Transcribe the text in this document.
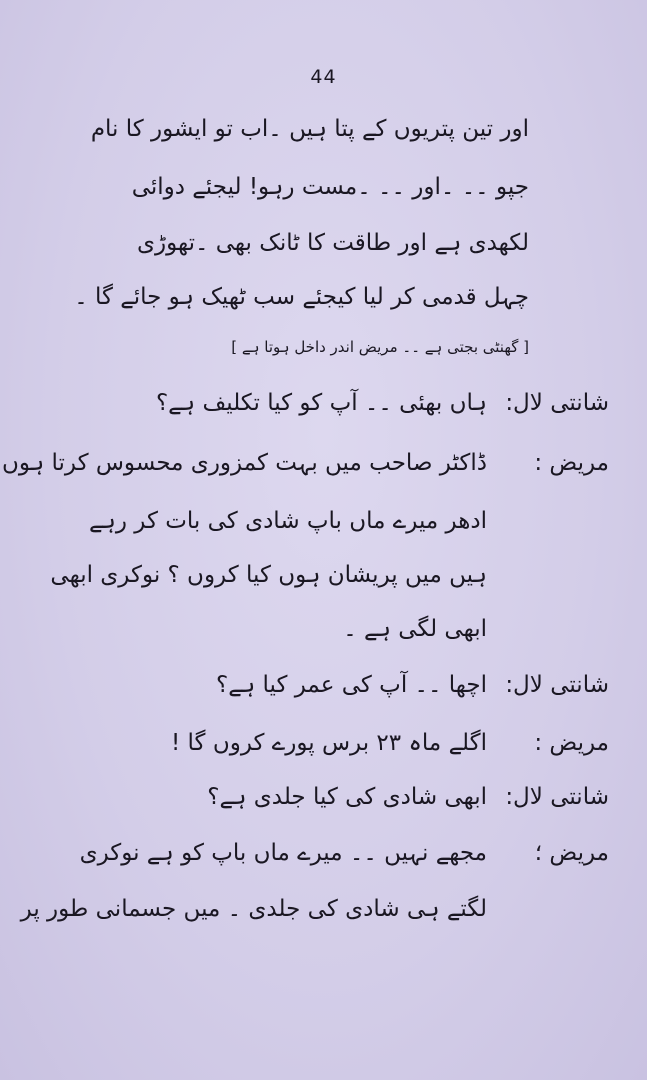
44
اور تین پتریوں کے پتا ہیں ۔اب تو ایشور کا نام
جپو ۔۔ ۔اور ۔۔ ۔مست رہو! لیجئے دوائی
لکھدی ہے اور طاقت کا ٹانک بھی ۔تھوڑی
چہل قدمی کر لیا کیجئے سب ٹھیک ہو جائے گا ۔
[ گھنٹی بجتی ہے ۔۔ مریض اندر داخل ہوتا ہے ]
شانتی لال:
ہاں بھئی ۔۔ آپ کو کیا تکلیف ہے؟
مریض :
ڈاکٹر صاحب میں بہت کمزوری محسوس کرتا ہوں
ادھر میرے ماں باپ شادی کی بات کر رہے
ہیں میں پریشان ہوں کیا کروں ؟ نوکری ابھی
ابھی لگی ہے ۔
شانتی لال:
اچھا ۔۔ آپ کی عمر کیا ہے؟
مریض :
اگلے ماہ ۲۳ برس پورے کروں گا !
شانتی لال:
ابھی شادی کی کیا جلدی ہے؟
مریض ؛
مجھے نہیں ۔۔ میرے ماں باپ کو ہے نوکری
لگتے ہی شادی کی جلدی ۔ میں جسمانی طور پر
